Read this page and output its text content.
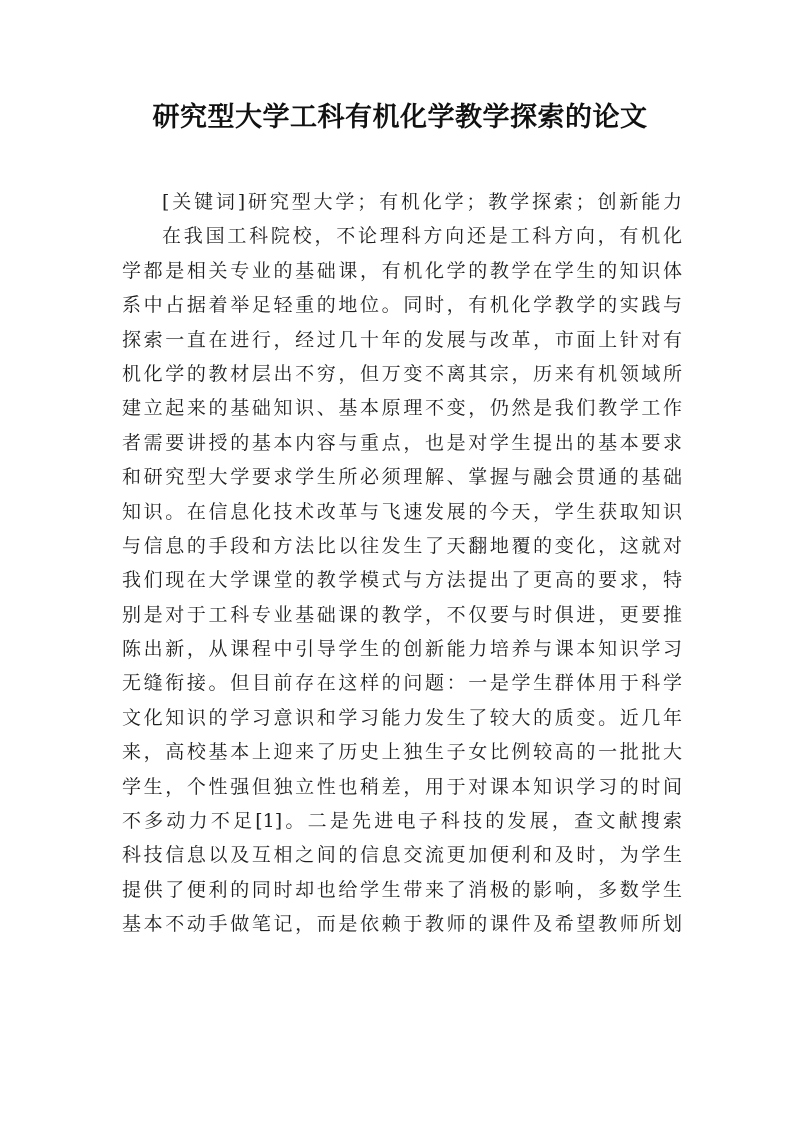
研究型大学工科有机化学教学探索的论文
[关键词]研究型大学；有机化学；教学探索；创新能力
在我国工科院校，不论理科方向还是工科方向，有机化
学都是相关专业的基础课，有机化学的教学在学生的知识体
系中占据着举足轻重的地位。同时，有机化学教学的实践与
探索一直在进行，经过几十年的发展与改革，市面上针对有
机化学的教材层出不穷，但万变不离其宗，历来有机领域所
建立起来的基础知识、基本原理不变，仍然是我们教学工作
者需要讲授的基本内容与重点，也是对学生提出的基本要求
和研究型大学要求学生所必须理解、掌握与融会贯通的基础
知识。在信息化技术改革与飞速发展的今天，学生获取知识
与信息的手段和方法比以往发生了天翻地覆的变化，这就对
我们现在大学课堂的教学模式与方法提出了更高的要求，特
别是对于工科专业基础课的教学，不仅要与时俱进，更要推
陈出新，从课程中引导学生的创新能力培养与课本知识学习
无缝衔接。但目前存在这样的问题：一是学生群体用于科学
文化知识的学习意识和学习能力发生了较大的质变。近几年
来，高校基本上迎来了历史上独生子女比例较高的一批批大
学生，个性强但独立性也稍差，用于对课本知识学习的时间
不多动力不足[1]。二是先进电子科技的发展，查文献搜索
科技信息以及互相之间的信息交流更加便利和及时，为学生
提供了便利的同时却也给学生带来了消极的影响，多数学生
基本不动手做笔记，而是依赖于教师的课件及希望教师所划
